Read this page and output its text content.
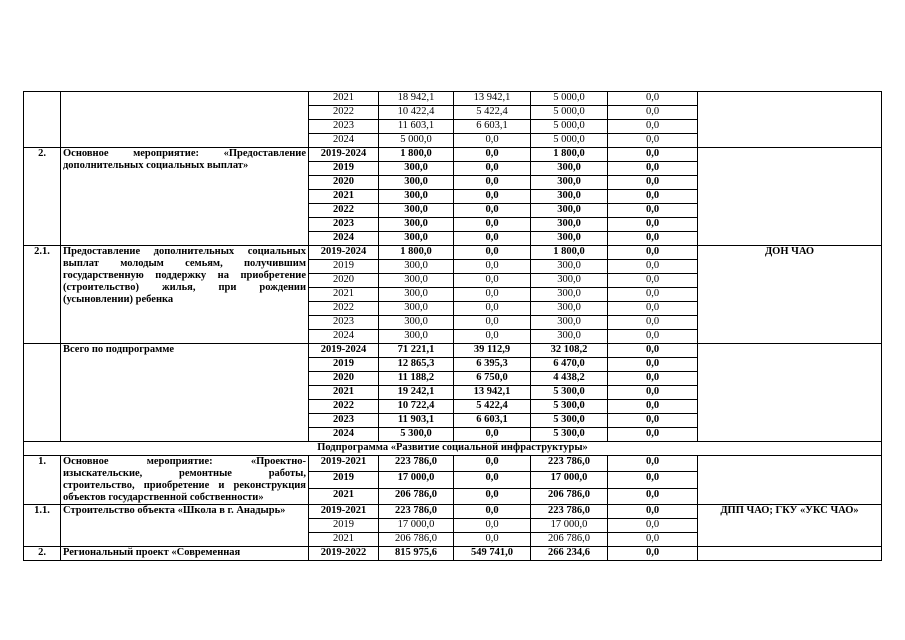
		2021	18 942,1	13 942,1	5 000,0	0,0	
		2022	10 422,4	5 422,4	5 000,0	0,0	
		2023	11 603,1	6 603,1	5 000,0	0,0	
		2024	5 000,0	0,0	5 000,0	0,0	
2.	Основное мероприятие: «Предоставление дополнительных социальных выплат»	2019-2024	1 800,0	0,0	1 800,0	0,0	
		2019	300,0	0,0	300,0	0,0	
		2020	300,0	0,0	300,0	0,0	
		2021	300,0	0,0	300,0	0,0	
		2022	300,0	0,0	300,0	0,0	
		2023	300,0	0,0	300,0	0,0	
		2024	300,0	0,0	300,0	0,0	
2.1.	Предоставление дополнительных социальных выплат молодым семьям, получившим государственную поддержку на приобретение (строительство) жилья, при рождении (усыновлении) ребенка	2019-2024	1 800,0	0,0	1 800,0	0,0	ДОН ЧАО
		2019	300,0	0,0	300,0	0,0	
		2020	300,0	0,0	300,0	0,0	
		2021	300,0	0,0	300,0	0,0	
		2022	300,0	0,0	300,0	0,0	
		2023	300,0	0,0	300,0	0,0	
		2024	300,0	0,0	300,0	0,0	
	Всего по подпрограмме	2019-2024	71 221,1	39 112,9	32 108,2	0,0	
		2019	12 865,3	6 395,3	6 470,0	0,0	
		2020	11 188,2	6 750,0	4 438,2	0,0	
		2021	19 242,1	13 942,1	5 300,0	0,0	
		2022	10 722,4	5 422,4	5 300,0	0,0	
		2023	11 903,1	6 603,1	5 300,0	0,0	
		2024	5 300,0	0,0	5 300,0	0,0	
Подпрограмма «Развитие социальной инфраструктуры»							
1.	Основное мероприятие: «Проектно-изыскательские, ремонтные работы, строительство, приобретение и реконструкция объектов государственной собственности»	2019-2021	223 786,0	0,0	223 786,0	0,0	
		2019	17 000,0	0,0	17 000,0	0,0	
		2021	206 786,0	0,0	206 786,0	0,0	
1.1.	Строительство объекта «Школа в г. Анадырь»	2019-2021	223 786,0	0,0	223 786,0	0,0	ДПП ЧАО; ГКУ «УКС ЧАО»
		2019	17 000,0	0,0	17 000,0	0,0	
		2021	206 786,0	0,0	206 786,0	0,0	
2.	Региональный проект «Современная	2019-2022	815 975,6	549 741,0	266 234,6	0,0	
